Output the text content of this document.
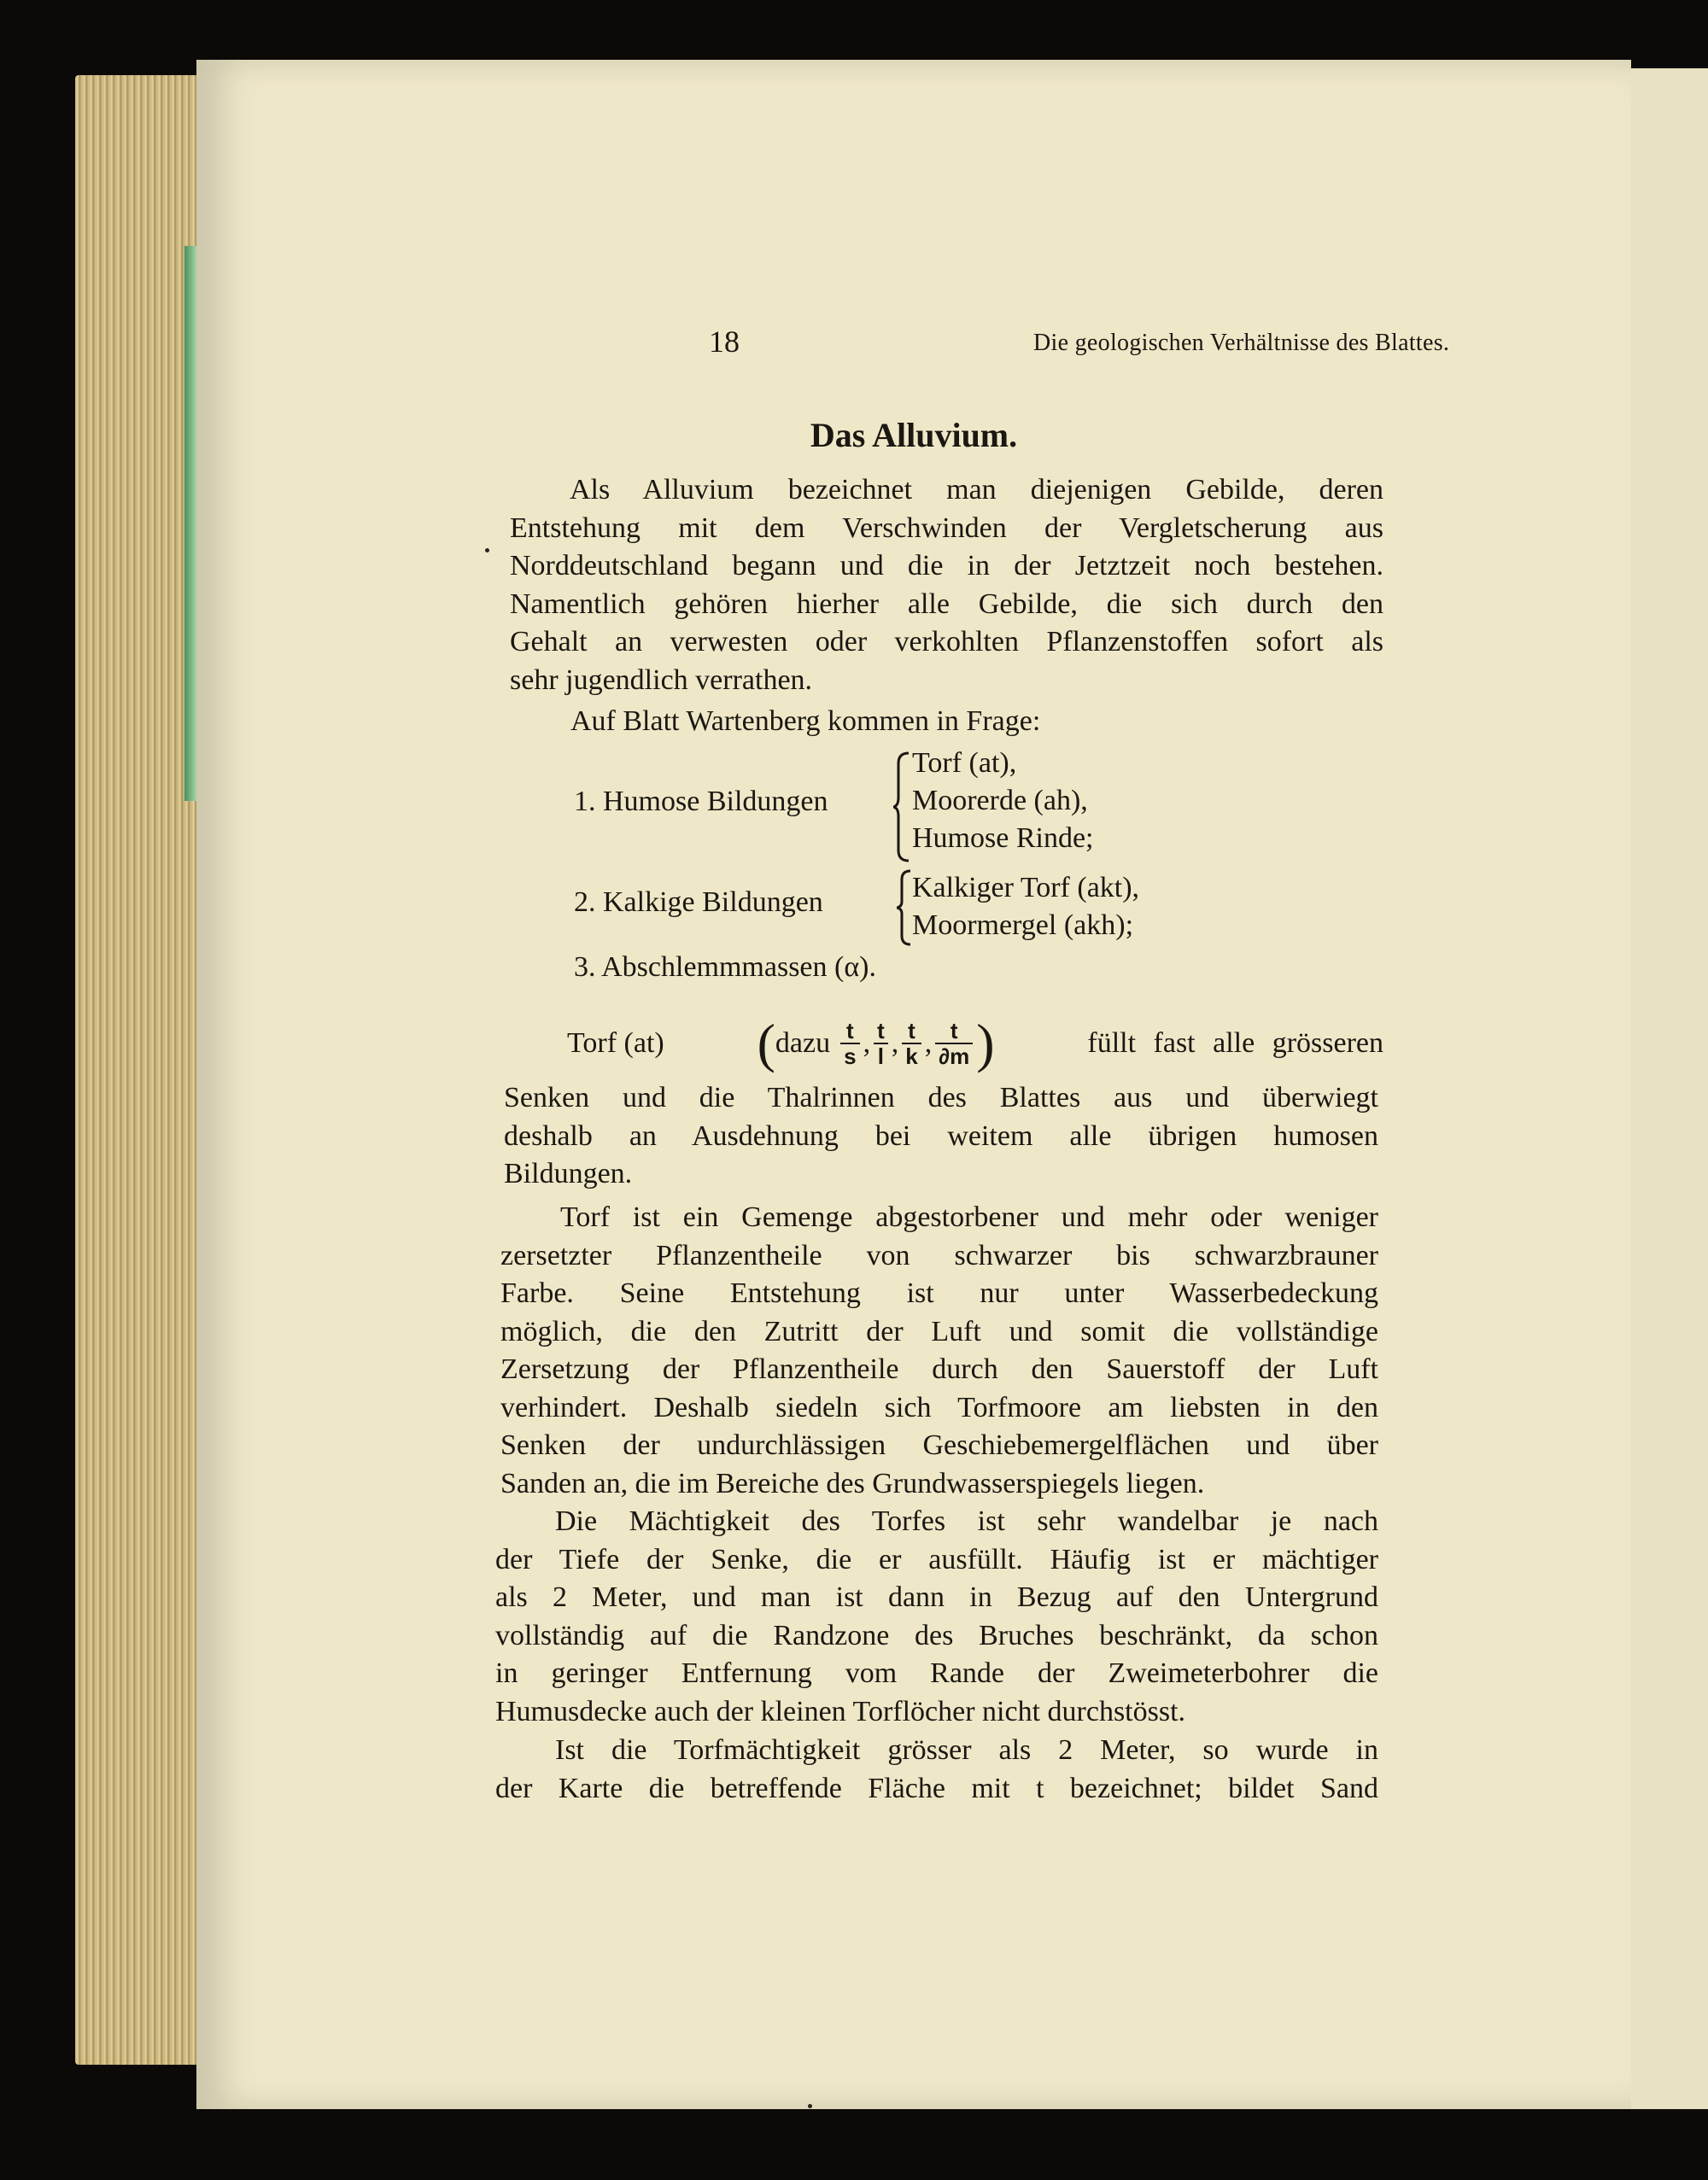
18	Die geologischen Verhältnisse des Blattes.
Das Alluvium.
Als Alluvium bezeichnet man diejenigen Gebilde, deren
Entstehung mit dem Verschwinden der Vergletscherung aus
Norddeutschland begann und die in der Jetztzeit noch bestehen.
Namentlich gehören hierher alle Gebilde, die sich durch den
Gehalt an verwesten oder verkohlten Pflanzenstoffen sofort als
sehr jugendlich verrathen.
Auf Blatt Wartenberg kommen in Frage:
1. Humose Bildungen
Torf (at),
Moorerde (ah),
Humose Rinde;
2. Kalkige Bildungen	Kalkiger Torf (akt),
Moormergel (akh);
3. Abschlemmmassen (α).
Torf (at) ( dazu $\frac{t}{s}$ , $\frac{t}{l}$ , $\frac{t}{k}$ , $\frac{t}{\partial m}$ )	füllt fast alle grösseren
Senken und die Thalrinnen des Blattes aus und überwiegt
deshalb an Ausdehnung bei weitem alle übrigen humosen
Bildungen.
Torf ist ein Gemenge abgestorbener und mehr oder weniger
zersetzter Pflanzentheile von schwarzer bis schwarzbrauner
Farbe. Seine Entstehung ist nur unter Wasserbedeckung
möglich, die den Zutritt der Luft und somit die vollständige
Zersetzung der Pflanzentheile durch den Sauerstoff der Luft
verhindert. Deshalb siedeln sich Torfmoore am liebsten in den
Senken der undurchlässigen Geschiebemergelflächen und über
Sanden an, die im Bereiche des Grundwasserspiegels liegen.
Die Mächtigkeit des Torfes ist sehr wandelbar je nach
der Tiefe der Senke, die er ausfüllt. Häufig ist er mächtiger
als 2 Meter, und man ist dann in Bezug auf den Untergrund
vollständig auf die Randzone des Bruches beschränkt, da schon
in geringer Entfernung vom Rande der Zweimeterbohrer die
Humusdecke auch der kleinen Torflöcher nicht durchstösst.
Ist die Torfmächtigkeit grösser als 2 Meter, so wurde in
der Karte die betreffende Fläche mit t bezeichnet; bildet Sand
